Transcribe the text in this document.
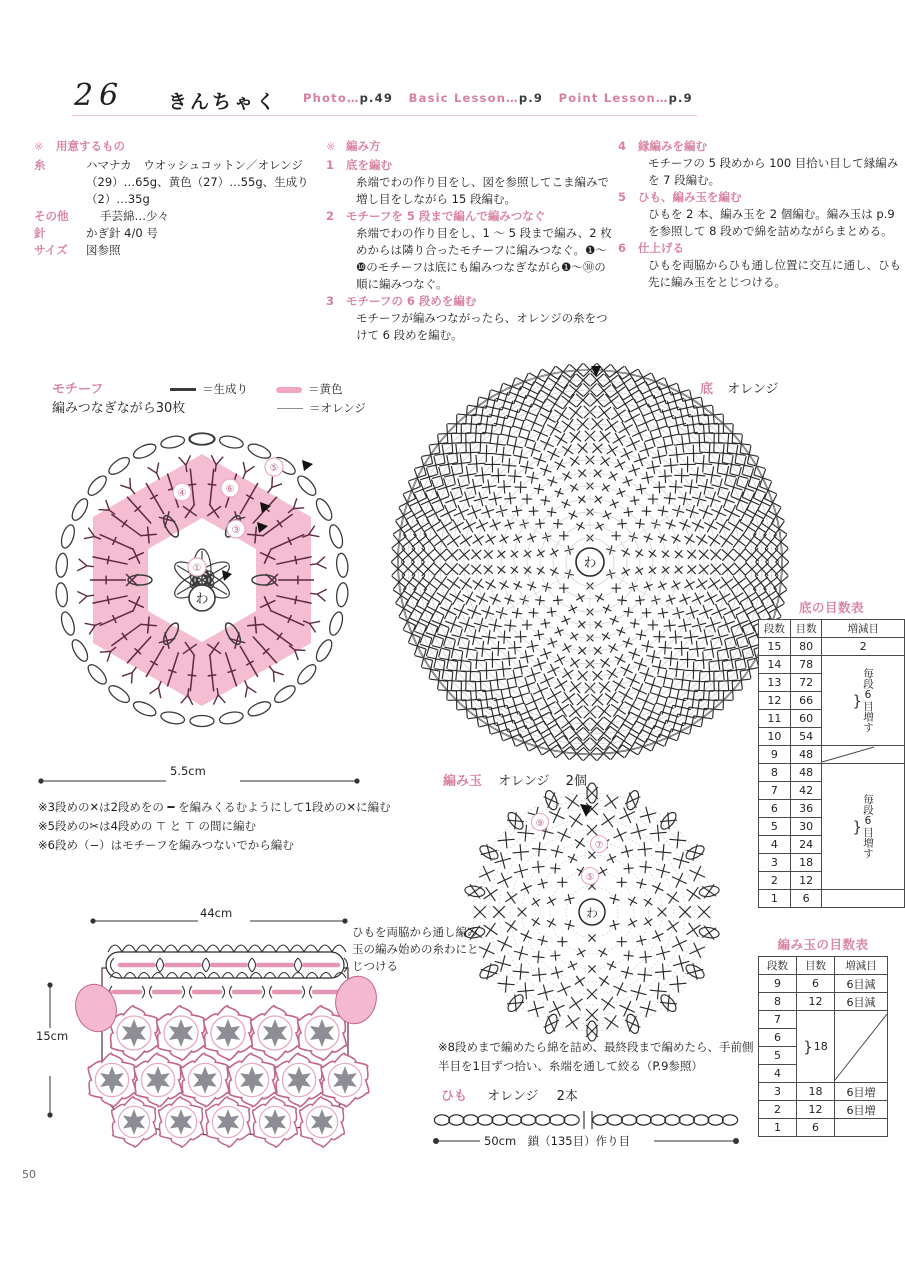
26 きんちゃく Photo…p.49 Basic Lesson…p.9 Point Lesson…p.9
※	用意するもの
糸	ハマナカ　ウオッシュコットン／オレンジ（29）…65g、黄色（27）…55g、生成り（2）…35g
その他	手芸綿…少々
針	かぎ針 4/0 号
サイズ	図参照
※ 編み方
1	底を編む
糸端でわの作り目をし、図を参照してこま編みで増し目をしながら 15 段編む。
2	モチーフを 5 段まで編んで編みつなぐ
糸端でわの作り目をし、1 〜 5 段まで編み、2 枚めからは隣り合ったモチーフに編みつなぐ。❶〜❿のモチーフは底にも編みつなぎながら❶〜㉚の順に編みつなぐ。
3	モチーフの 6 段めを編む
モチーフが編みつながったら、オレンジの糸をつけて 6 段めを編む。
4	縁編みを編む
モチーフの 5 段めから 100 目拾い目して縁編みを 7 段編む。
5	ひも、編み玉を編む
ひもを 2 本、編み玉を 2 個編む。編み玉は p.9 を参照して 8 段めで綿を詰めながらまとめる。
6	仕上げる
ひもを両脇からひも通し位置に交互に通し、ひも先に編み玉をとじつける。
モチーフ
編みつなぎながら30枚
＝生成り	＝黄色
＝オレンジ
わ
①
③
④
⑤
⑥
5.5cm
※3段めの✕は2段めをの ━ を編みくるむようにして1段めの✕に編む
※5段めの✂は4段めの ⊤ と ⊤ の間に編む
※6段め（−）はモチーフを編みつないでから編む
わ
底 オレンジ
編み玉 オレンジ 2個
わ
⑤
⑦
⑨
※8段めまで編めたら綿を詰め、最終段まで編めたら、手前側半目を1目ずつ拾い、糸端を通して絞る（P.9参照）
ひも オレンジ 2本
50cm　鎖（135目）作り目
44cm
15cm
ひもを両脇から通し編み玉の編み始めの糸わにとじつける
底の目数表
段数	目数	増減目
15	80	2
14	78	} 毎段6目増す

13	72	
12	66	
11	60	
10	54	
9	48	

8	48	} 毎段6目増す

7	42	
6	36	
5	30	
4	24	
3	18	
2	12	
1	6	
編み玉の目数表
段数	目数	増減目
9	6	6目減
8	12	6目減
7	} 18

6		
5		
4		
3	18	6目増
2	12	6目増
1	6	
50
